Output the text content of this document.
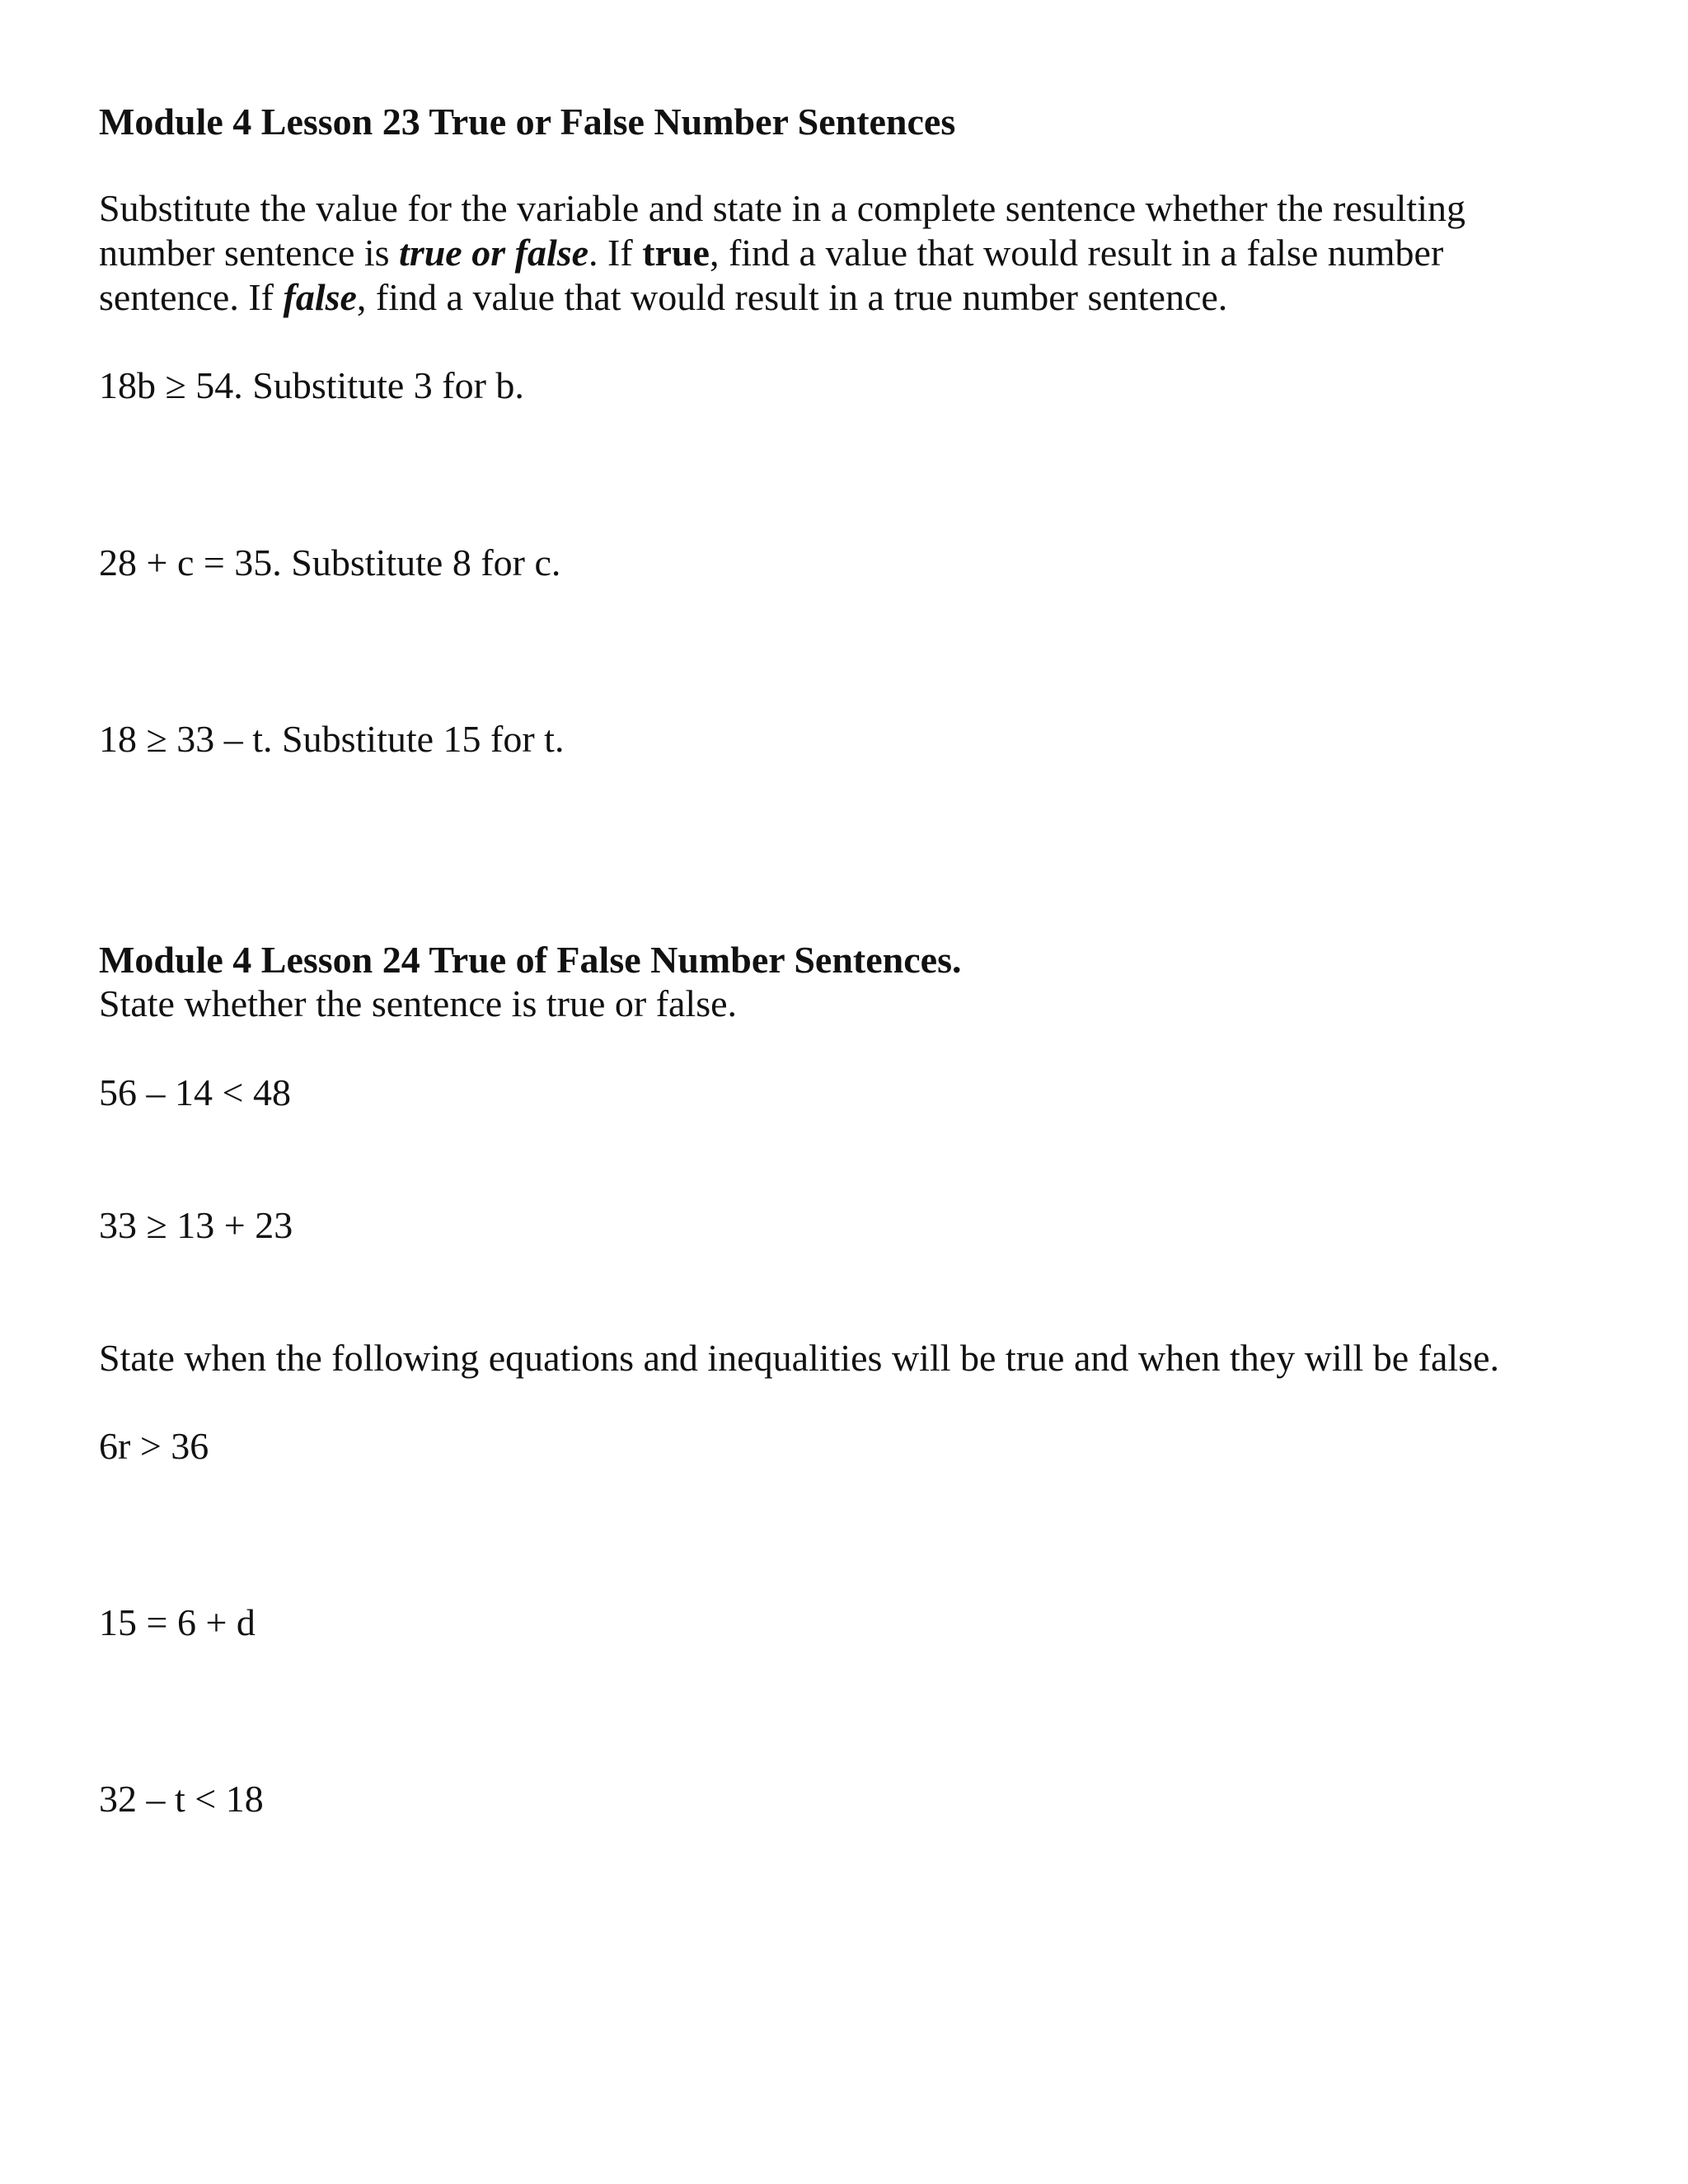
Module 4 Lesson 23 True or False Number Sentences

Substitute the value for the variable and state in a complete sentence whether the resulting

number sentence is true or false. If true, find a value that would result in a false number

sentence. If false, find a value that would result in a true number sentence.

18b ≥ 54. Substitute 3 for b.

28 + c = 35. Substitute 8 for c.

18 ≥ 33 – t. Substitute 15 for t.

Module 4 Lesson 24 True of False Number Sentences.

State whether the sentence is true or false.

56 – 14 < 48

33 ≥ 13 + 23

State when the following equations and inequalities will be true and when they will be false.

6r > 36

15 = 6 + d

32 – t < 18
